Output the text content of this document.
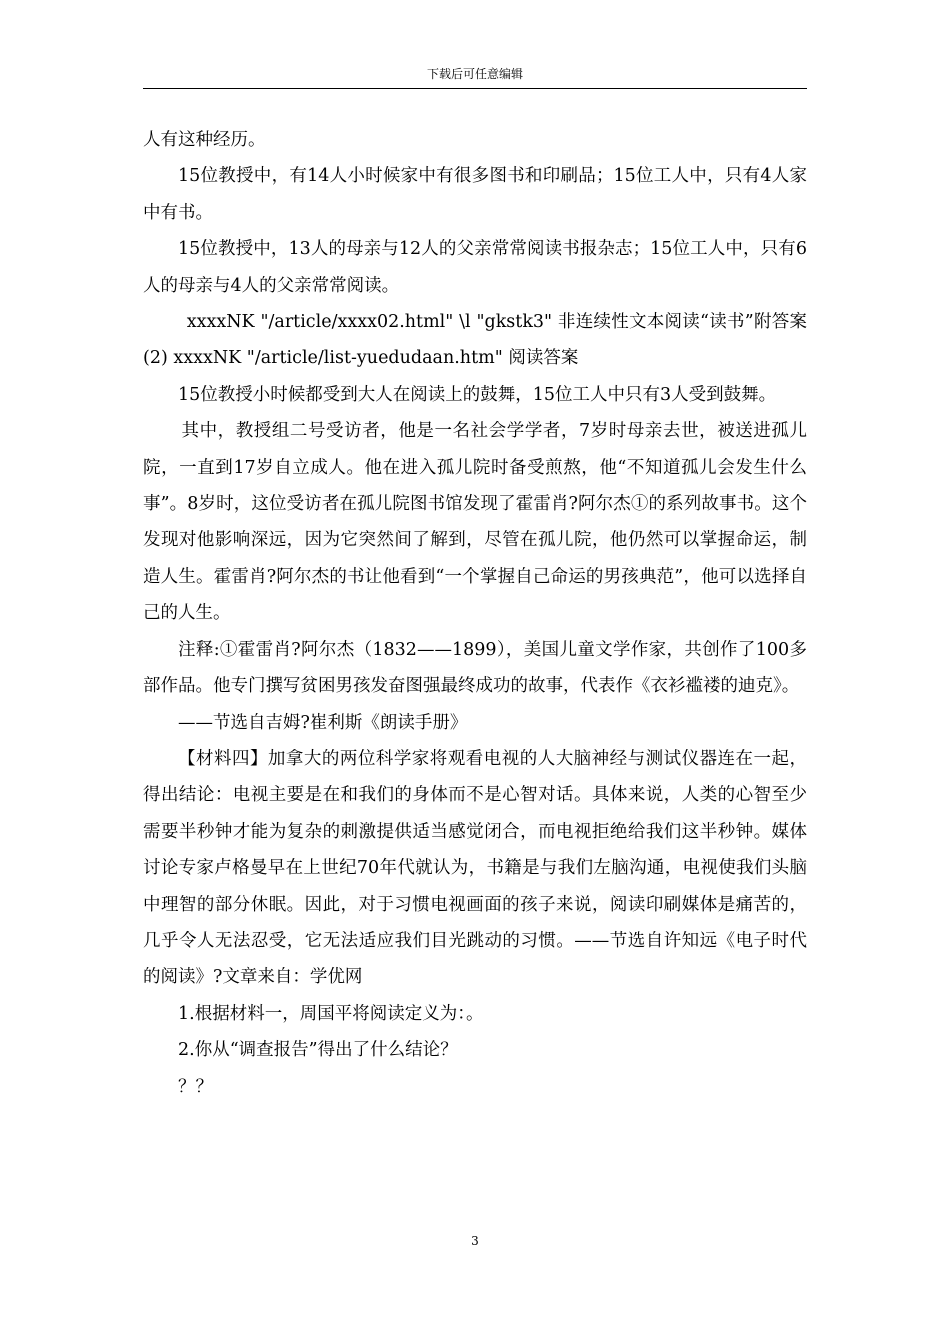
下载后可任意编辑

人有这种经历。

15位教授中，有14人小时候家中有很多图书和印刷品；15位工人中，只有4人家中有书。

15位教授中，13人的母亲与12人的父亲常常阅读书报杂志；15位工人中，只有6人的母亲与4人的父亲常常阅读。

xxxxNK "/article/xxxx02.html" \l "gkstk3" 非连续性文本阅读“读书”附答案(2) xxxxNK "/article/list-yuedudaan.htm" 阅读答案

15位教授小时候都受到大人在阅读上的鼓舞，15位工人中只有3人受到鼓舞。

其中，教授组二号受访者，他是一名社会学学者，7岁时母亲去世，被送进孤儿院，一直到17岁自立成人。他在进入孤儿院时备受煎熬，他“不知道孤儿会发生什么事”。8岁时，这位受访者在孤儿院图书馆发现了霍雷肖?阿尔杰①的系列故事书。这个发现对他影响深远，因为它突然间了解到，尽管在孤儿院，他仍然可以掌握命运，制造人生。霍雷肖?阿尔杰的书让他看到“一个掌握自己命运的男孩典范”，他可以选择自己的人生。

注释:①霍雷肖?阿尔杰（1832——1899），美国儿童文学作家，共创作了100多部作品。他专门撰写贫困男孩发奋图强最终成功的故事，代表作《衣衫褴褛的迪克》。

——节选自吉姆?崔利斯《朗读手册》

【材料四】加拿大的两位科学家将观看电视的人大脑神经与测试仪器连在一起，得出结论：电视主要是在和我们的身体而不是心智对话。具体来说，人类的心智至少需要半秒钟才能为复杂的刺激提供适当感觉闭合，而电视拒绝给我们这半秒钟。媒体讨论专家卢格曼早在上世纪70年代就认为，书籍是与我们左脑沟通，电视使我们头脑中理智的部分休眠。因此，对于习惯电视画面的孩子来说，阅读印刷媒体是痛苦的，几乎令人无法忍受，它无法适应我们目光跳动的习惯。——节选自许知远《电子时代的阅读》?文章来自：学优网

1.根据材料一，周国平将阅读定义为：。

2.你从“调查报告”得出了什么结论？

？？

3
